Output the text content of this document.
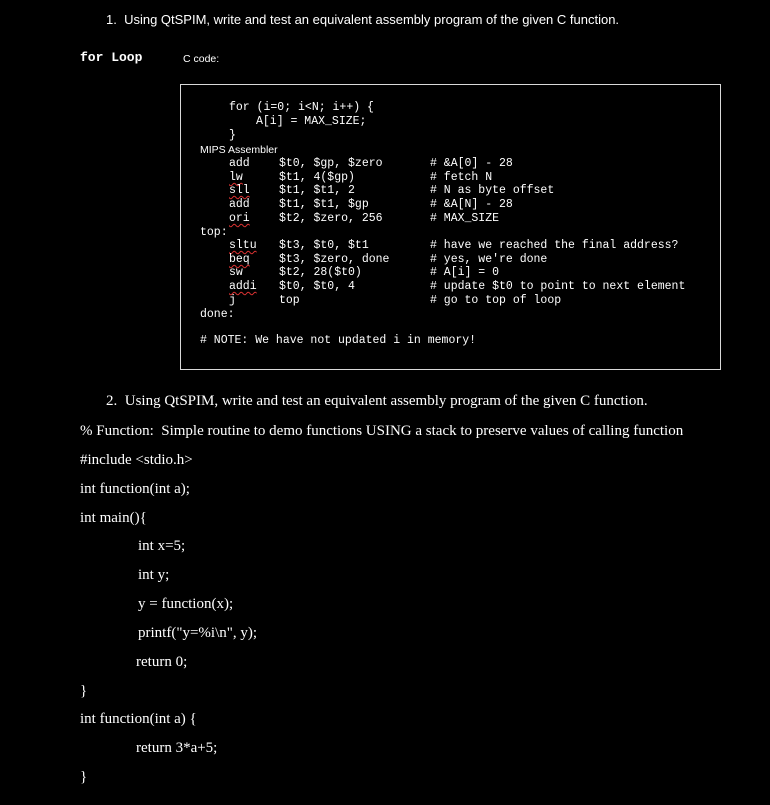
1.  Using QtSPIM, write and test an equivalent assembly program of the given C function.
for Loop	C code:
for (i=0; i<N; i++) {
A[i] = MAX_SIZE;
}
MIPS Assembler
add	$t0, $gp, $zero	# &A[0] - 28
lw	$t1, 4($gp)	# fetch N
sll	$t1, $t1, 2	# N as byte offset
add	$t1, $t1, $gp	# &A[N] - 28
ori	$t2, $zero, 256	# MAX_SIZE
top:
sltu $t3, $t0, $t1	# have we reached the final address?
beq	$t3, $zero, done	# yes, we're done
sw	$t2, 28($t0)	# A[i] = 0
addi $t0, $t0, 4	# update $t0 to point to next element
j	top	# go to top of loop
done:
# NOTE: We have not updated i in memory!
2.  Using QtSPIM, write and test an equivalent assembly program of the given C function.
% Function:  Simple routine to demo functions USING a stack to preserve values of calling function
#include <stdio.h>
int function(int a);
int main(){
int x=5;
int y;
y = function(x);
printf("y=%i\n", y);
return 0;
}
int function(int a) {
return 3*a+5;
}
